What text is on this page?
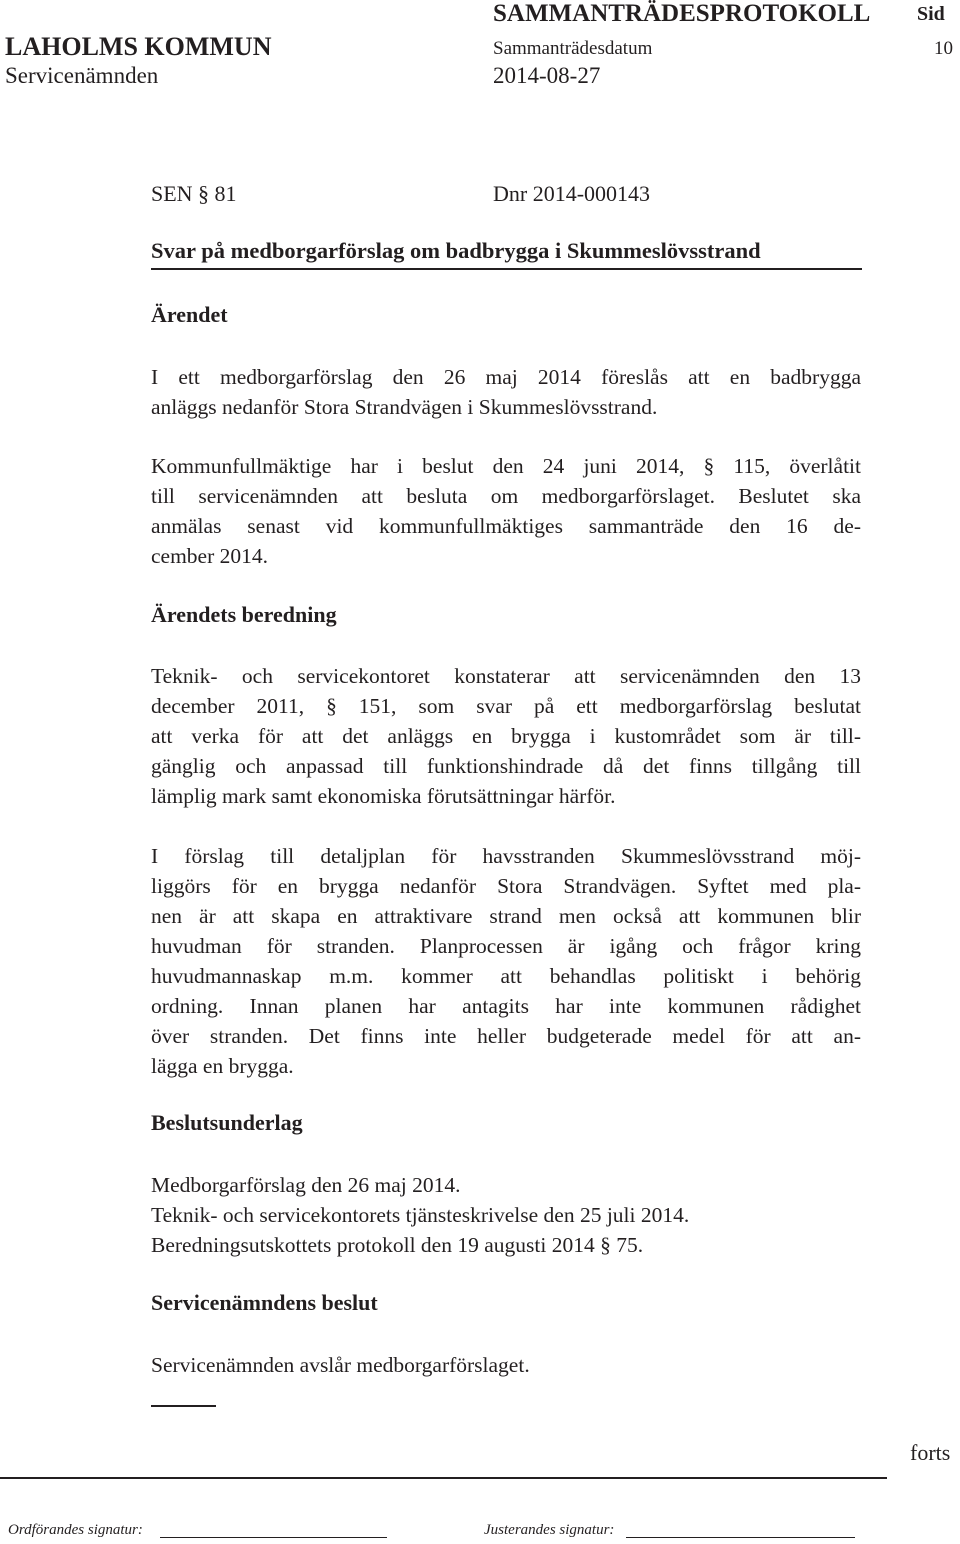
SAMMANTRÄDESPROTOKOLL Sid
LAHOLMS KOMMUN	Sammanträdesdatum	10
Servicenämnden	2014-08-27
SEN § 81	Dnr 2014-000143
Svar på medborgarförslag om badbrygga i Skummeslövsstrand
Ärendet
I ett medborgarförslag den 26 maj 2014 föreslås att en badbrygga
anläggs nedanför Stora Strandvägen i Skummeslövsstrand.
Kommunfullmäktige har i beslut den 24 juni 2014, § 115, överlåtit
till servicenämnden att besluta om medborgarförslaget. Beslutet ska
anmälas senast vid kommunfullmäktiges sammanträde den 16 de-
cember 2014.
Ärendets beredning
Teknik- och servicekontoret konstaterar att servicenämnden den 13
december 2011, § 151, som svar på ett medborgarförslag beslutat
att verka för att det anläggs en brygga i kustområdet som är till-
gänglig och anpassad till funktionshindrade då det finns tillgång till
lämplig mark samt ekonomiska förutsättningar härför.
I förslag till detaljplan för havsstranden Skummeslövsstrand möj-
liggörs för en brygga nedanför Stora Strandvägen. Syftet med pla-
nen är att skapa en attraktivare strand men också att kommunen blir
huvudman för stranden. Planprocessen är igång och frågor kring
huvudmannaskap m.m. kommer att behandlas politiskt i behörig
ordning. Innan planen har antagits har inte kommunen rådighet
över stranden. Det finns inte heller budgeterade medel för att an-
lägga en brygga.
Beslutsunderlag
Medborgarförslag den 26 maj 2014.
Teknik- och servicekontorets tjänsteskrivelse den 25 juli 2014.
Beredningsutskottets protokoll den 19 augusti 2014 § 75.
Servicenämndens beslut
Servicenämnden avslår medborgarförslaget.
forts
Ordförandes signatur:	Justerandes signatur:
